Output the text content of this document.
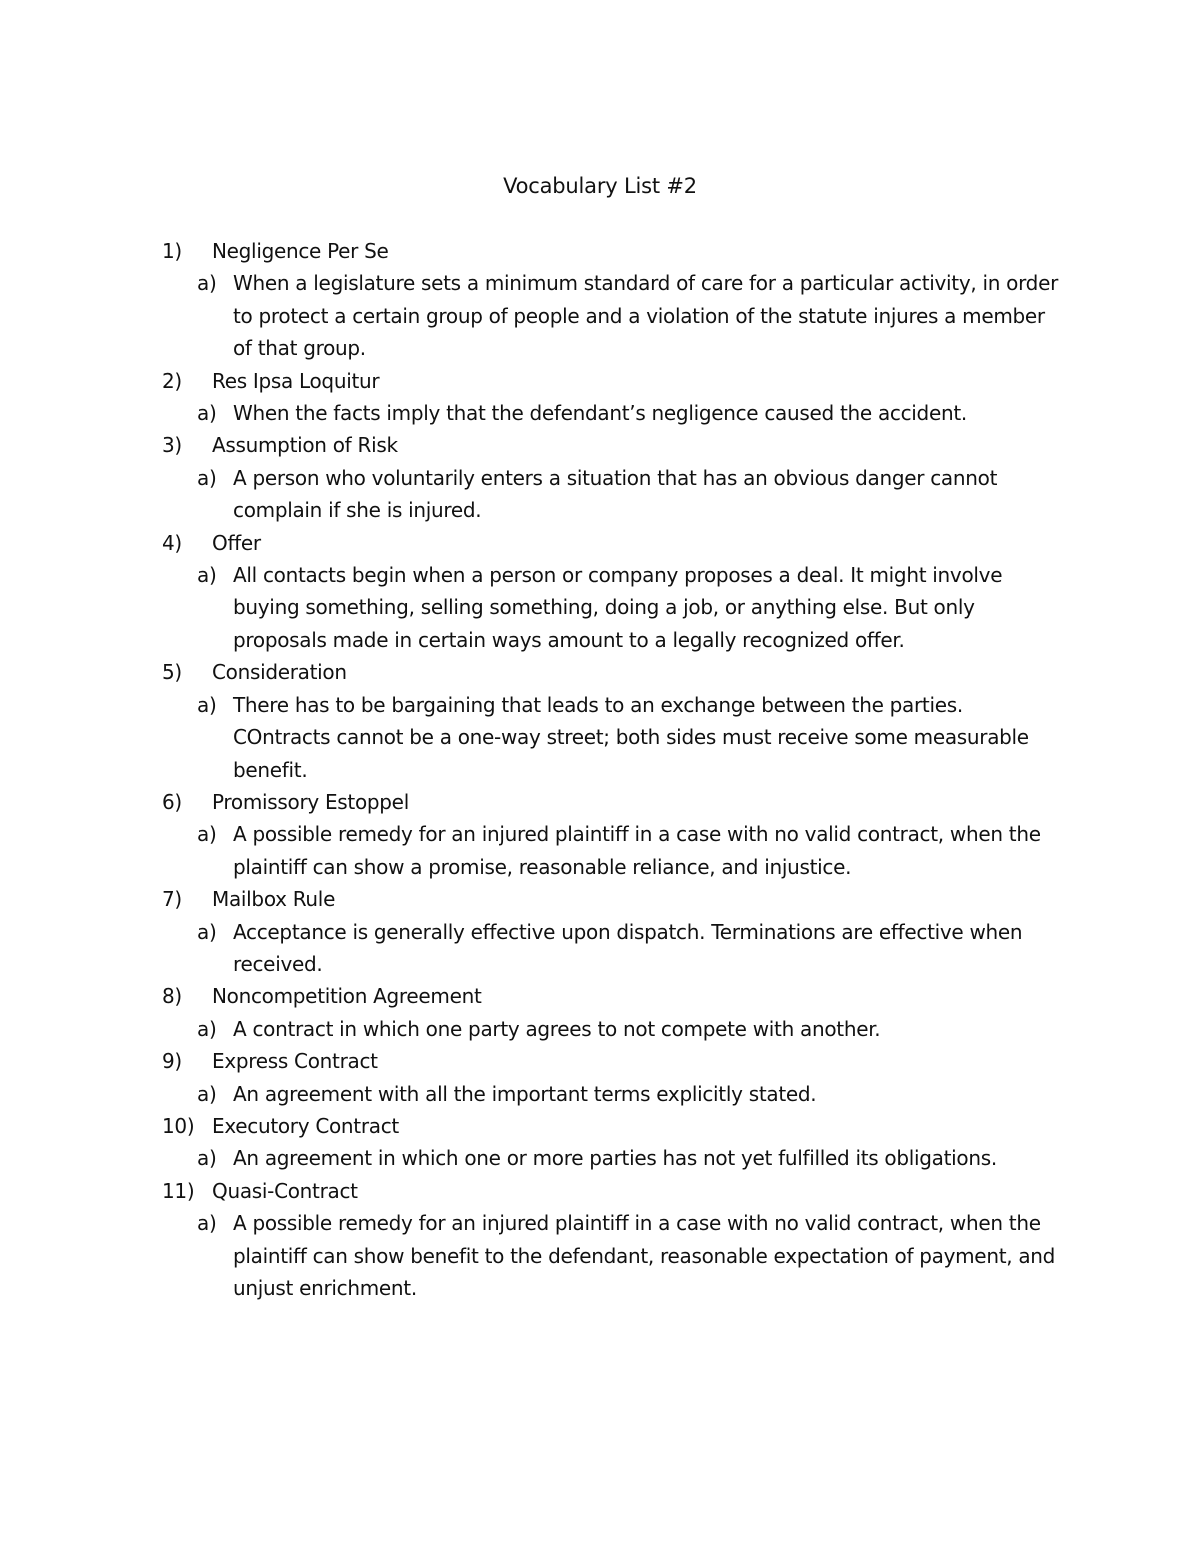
Vocabulary List #2
1) Negligence Per Se
a) When a legislature sets a minimum standard of care for a particular activity, in order to protect a certain group of people and a violation of the statute injures a member of that group.
2) Res Ipsa Loquitur
a) When the facts imply that the defendant’s negligence caused the accident.
3) Assumption of Risk
a) A person who voluntarily enters a situation that has an obvious danger cannot complain if she is injured.
4) Offer
a) All contacts begin when a person or company proposes a deal. It might involve buying something, selling something, doing a job, or anything else. But only proposals made in certain ways amount to a legally recognized offer.
5) Consideration
a) There has to be bargaining that leads to an exchange between the parties. COntracts cannot be a one-way street; both sides must receive some measurable benefit.
6) Promissory Estoppel
a) A possible remedy for an injured plaintiff in a case with no valid contract, when the plaintiff can show a promise, reasonable reliance, and injustice.
7) Mailbox Rule
a) Acceptance is generally effective upon dispatch. Terminations are effective when received.
8) Noncompetition Agreement
a) A contract in which one party agrees to not compete with another.
9) Express Contract
a) An agreement with all the important terms explicitly stated.
10) Executory Contract
a) An agreement in which one or more parties has not yet fulfilled its obligations.
11) Quasi-Contract
a) A possible remedy for an injured plaintiff in a case with no valid contract, when the plaintiff can show benefit to the defendant, reasonable expectation of payment, and unjust enrichment.
